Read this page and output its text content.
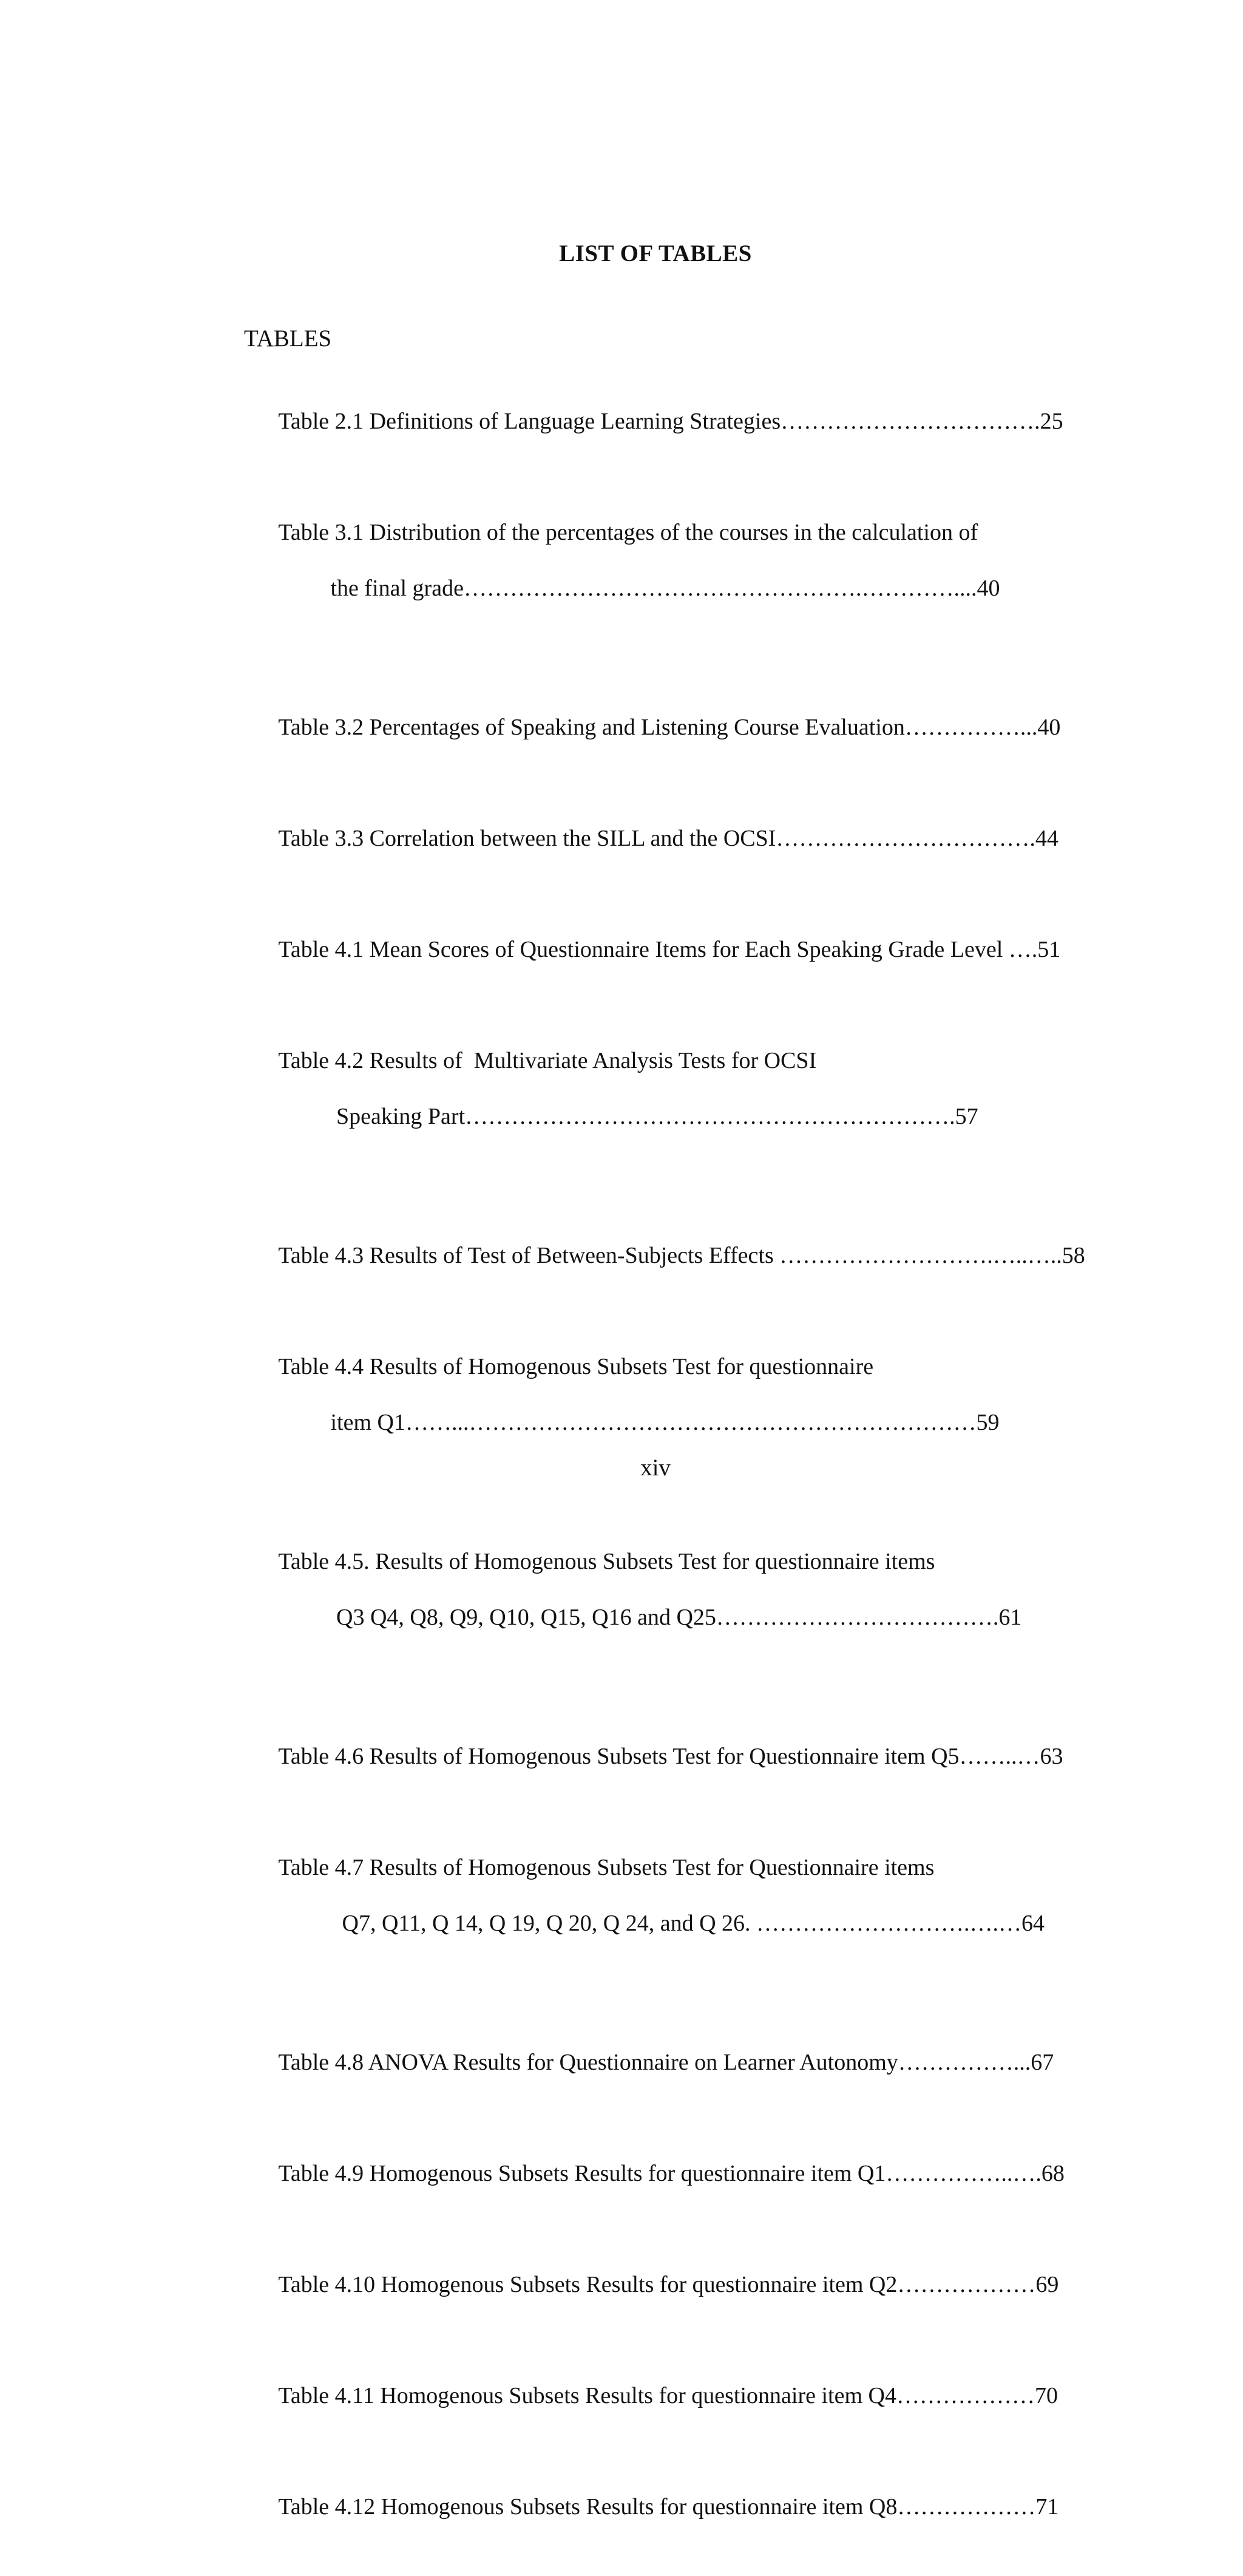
LIST OF TABLES
TABLES

Table 2.1 Definitions of Language Learning Strategies…………………………….25

Table 3.1 Distribution of the percentages of the courses in the calculation of

the final grade…………………………………………….…………....40

Table 3.2 Percentages of Speaking and Listening Course Evaluation……………...40

Table 3.3 Correlation between the SILL and the OCSI…………………………….44

Table 4.1 Mean Scores of Questionnaire Items for Each Speaking Grade Level ….51

Table 4.2 Results of  Multivariate Analysis Tests for OCSI

Speaking Part……………………………………………………….57

Table 4.3 Results of Test of Between-Subjects Effects ……………………….…..…..58

Table 4.4 Results of Homogenous Subsets Test for questionnaire

item Q1……...…………………………………………………………59

Table 4.5. Results of Homogenous Subsets Test for questionnaire items

Q3 Q4, Q8, Q9, Q10, Q15, Q16 and Q25……………………………….61

Table 4.6 Results of Homogenous Subsets Test for Questionnaire item Q5……..…63

Table 4.7 Results of Homogenous Subsets Test for Questionnaire items

Q7, Q11, Q 14, Q 19, Q 20, Q 24, and Q 26. ……………………….….…64

Table 4.8 ANOVA Results for Questionnaire on Learner Autonomy……………...67

Table 4.9 Homogenous Subsets Results for questionnaire item Q1……………..….68

Table 4.10 Homogenous Subsets Results for questionnaire item Q2………………69

Table 4.11 Homogenous Subsets Results for questionnaire item Q4………………70

Table 4.12 Homogenous Subsets Results for questionnaire item Q8………………71

xiv
